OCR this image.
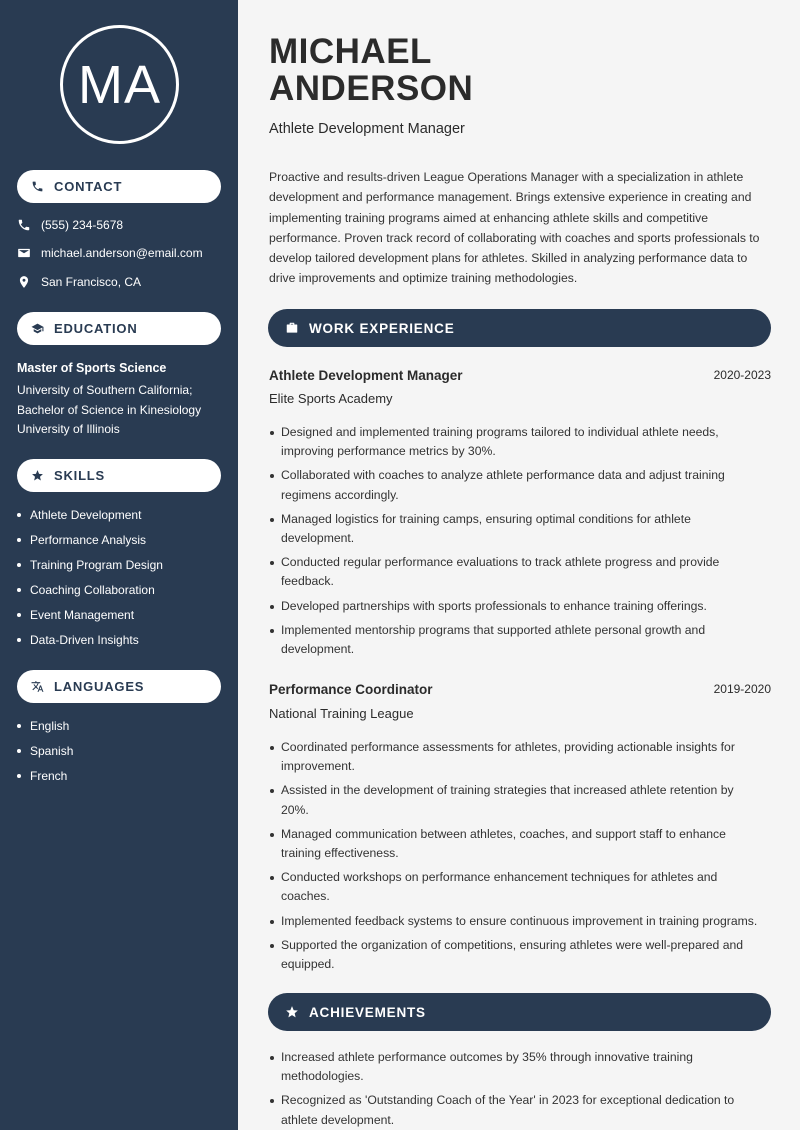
MA
CONTACT
(555) 234-5678
michael.anderson@email.com
San Francisco, CA
EDUCATION
Master of Sports Science
University of Southern California; Bachelor of Science in Kinesiology University of Illinois
SKILLS
Athlete Development
Performance Analysis
Training Program Design
Coaching Collaboration
Event Management
Data-Driven Insights
LANGUAGES
English
Spanish
French
MICHAEL
ANDERSON
Athlete Development Manager
Proactive and results-driven League Operations Manager with a specialization in athlete development and performance management. Brings extensive experience in creating and implementing training programs aimed at enhancing athlete skills and competitive performance. Proven track record of collaborating with coaches and sports professionals to develop tailored development plans for athletes. Skilled in analyzing performance data to drive improvements and optimize training methodologies.
WORK EXPERIENCE
Athlete Development Manager	2020-2023
Elite Sports Academy
Designed and implemented training programs tailored to individual athlete needs, improving performance metrics by 30%.
Collaborated with coaches to analyze athlete performance data and adjust training regimens accordingly.
Managed logistics for training camps, ensuring optimal conditions for athlete development.
Conducted regular performance evaluations to track athlete progress and provide feedback.
Developed partnerships with sports professionals to enhance training offerings.
Implemented mentorship programs that supported athlete personal growth and development.
Performance Coordinator	2019-2020
National Training League
Coordinated performance assessments for athletes, providing actionable insights for improvement.
Assisted in the development of training strategies that increased athlete retention by 20%.
Managed communication between athletes, coaches, and support staff to enhance training effectiveness.
Conducted workshops on performance enhancement techniques for athletes and coaches.
Implemented feedback systems to ensure continuous improvement in training programs.
Supported the organization of competitions, ensuring athletes were well-prepared and equipped.
ACHIEVEMENTS
Increased athlete performance outcomes by 35% through innovative training methodologies.
Recognized as 'Outstanding Coach of the Year' in 2023 for exceptional dedication to athlete development.
